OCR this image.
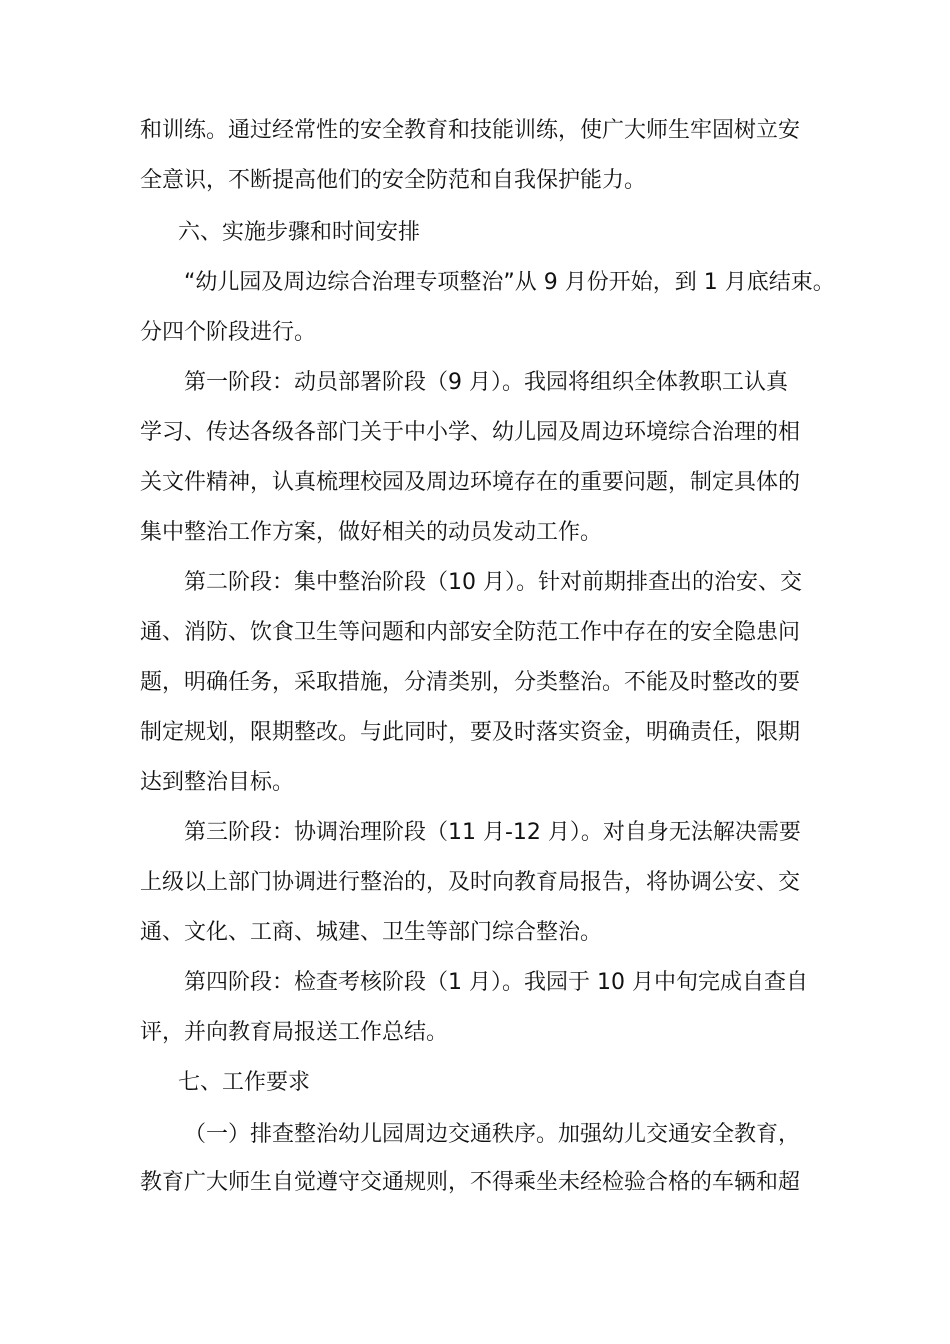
和训练。通过经常性的安全教育和技能训练，使广大师生牢固树立安
全意识，不断提高他们的安全防范和自我保护能力。
六、实施步骤和时间安排
“幼儿园及周边综合治理专项整治”从 9 月份开始，到 1 月底结束。
分四个阶段进行。
第一阶段：动员部署阶段（9 月）。我园将组织全体教职工认真
学习、传达各级各部门关于中小学、幼儿园及周边环境综合治理的相
关文件精神，认真梳理校园及周边环境存在的重要问题，制定具体的
集中整治工作方案，做好相关的动员发动工作。
第二阶段：集中整治阶段（10 月）。针对前期排查出的治安、交
通、消防、饮食卫生等问题和内部安全防范工作中存在的安全隐患问
题，明确任务，采取措施，分清类别，分类整治。不能及时整改的要
制定规划，限期整改。与此同时，要及时落实资金，明确责任，限期
达到整治目标。
第三阶段：协调治理阶段（11 月-12 月）。对自身无法解决需要
上级以上部门协调进行整治的，及时向教育局报告，将协调公安、交
通、文化、工商、城建、卫生等部门综合整治。
第四阶段：检查考核阶段（1 月）。我园于 10 月中旬完成自查自
评，并向教育局报送工作总结。
七、工作要求
（一）排查整治幼儿园周边交通秩序。加强幼儿交通安全教育，
教育广大师生自觉遵守交通规则，不得乘坐未经检验合格的车辆和超
